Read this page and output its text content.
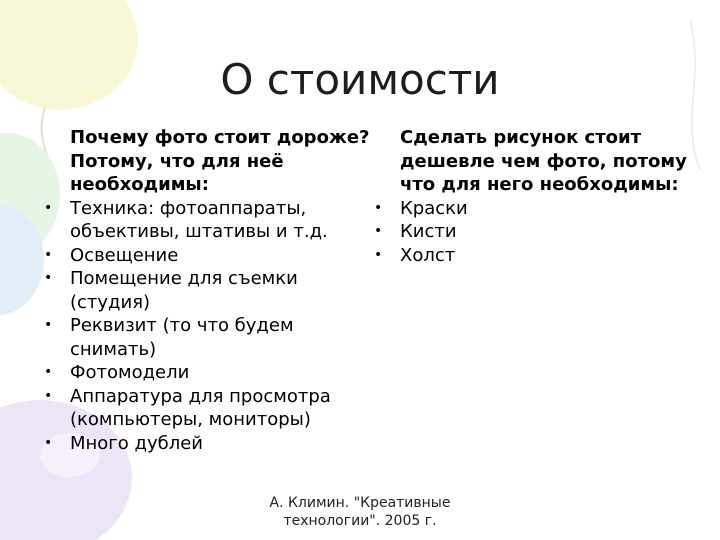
О стоимости

Почему фото стоит дороже? Потому, что для неё необходимы:

• Техника: фотоаппараты, объективы, штативы и т.д.
• Освещение
• Помещение для съемки (студия)
• Реквизит (то что будем снимать)
• Фотомодели
• Аппаратура для просмотра (компьютеры, мониторы)
• Много дублей

Сделать рисунок стоит дешевле чем фото, потому что для него необходимы:

• Краски
• Кисти
• Холст
А. Климин. "Креативные технологии". 2005 г.
